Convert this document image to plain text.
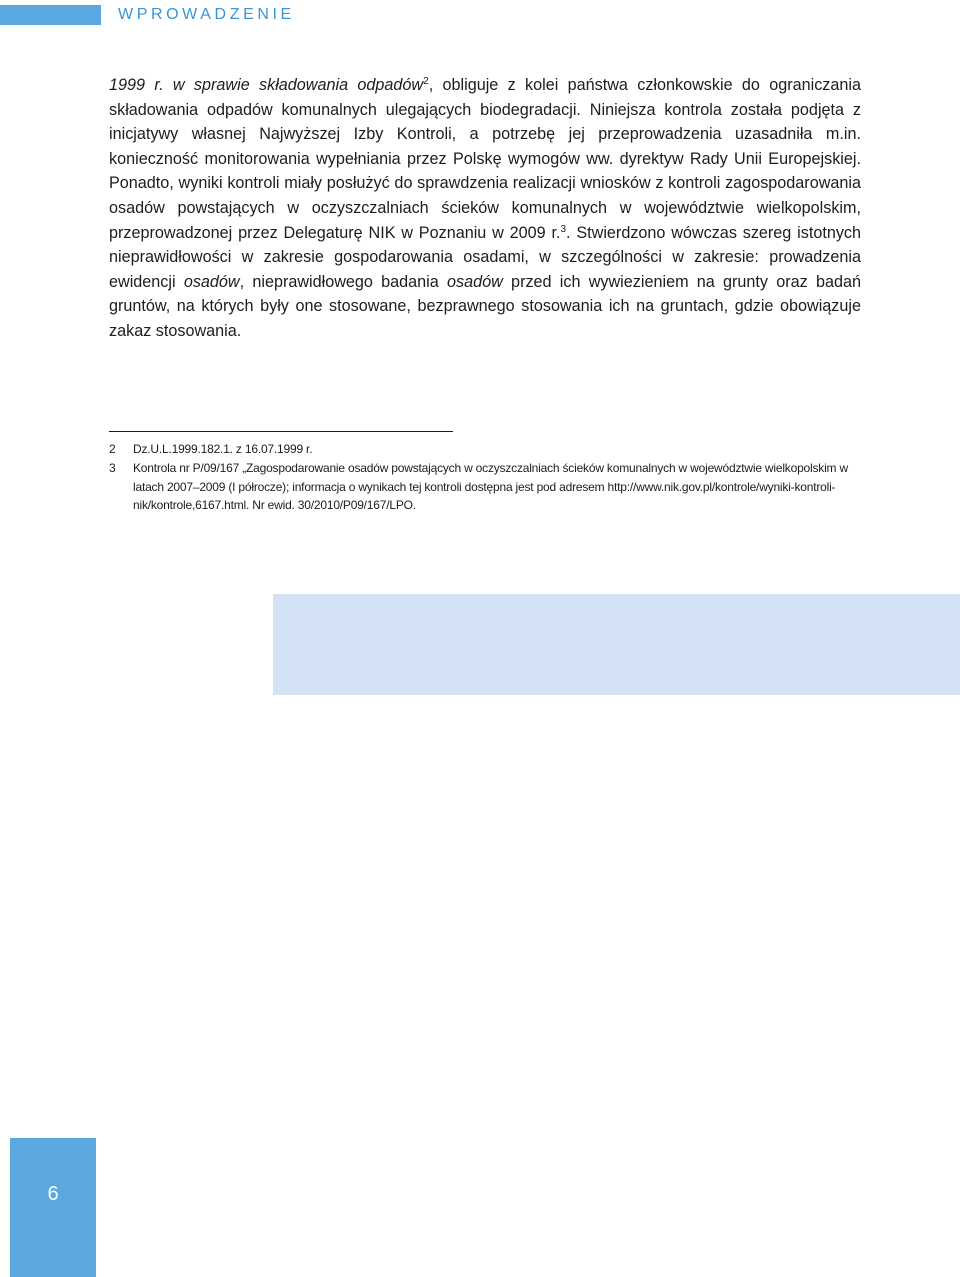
WPROWADZENIE

1999 r. w sprawie składowania odpadów$^2$, obliguje z kolei państwa członkowskie do ograniczania składowania odpadów komunalnych ulegających biodegradacji. Niniejsza kontrola została podjęta z inicjatywy własnej Najwyższej Izby Kontroli, a potrzebę jej przeprowadzenia uzasadniła m.in. konieczność monitorowania wypełniania przez Polskę wymogów ww. dyrektyw Rady Unii Europejskiej. Ponadto, wyniki kontroli miały posłużyć do sprawdzenia realizacji wniosków z kontroli zagospodarowania osadów powstających w oczyszczalniach ścieków komunalnych w województwie wielkopolskim, przeprowadzonej przez Delegaturę NIK w Poznaniu w 2009 r.$^3$. Stwierdzono wówczas szereg istotnych nieprawidłowości w zakresie gospodarowania osadami, w szczególności w zakresie: prowadzenia ewidencji osadów, nieprawidłowego badania osadów przed ich wywiezieniem na grunty oraz badań gruntów, na których były one stosowane, bezprawnego stosowania ich na gruntach, gdzie obowiązuje zakaz stosowania.

2	Dz.U.L.1999.182.1. z 16.07.1999 r.
3	Kontrola nr P/09/167 „Zagospodarowanie osadów powstających w oczyszczalniach ścieków komunalnych w województwie wielkopolskim w latach 2007–2009 (I półrocze); informacja o wynikach tej kontroli dostępna jest pod adresem http://www.nik.gov.pl/kontrole/wyniki-kontroli-nik/kontrole,6167.html. Nr ewid. 30/2010/P09/167/LPO.
6
